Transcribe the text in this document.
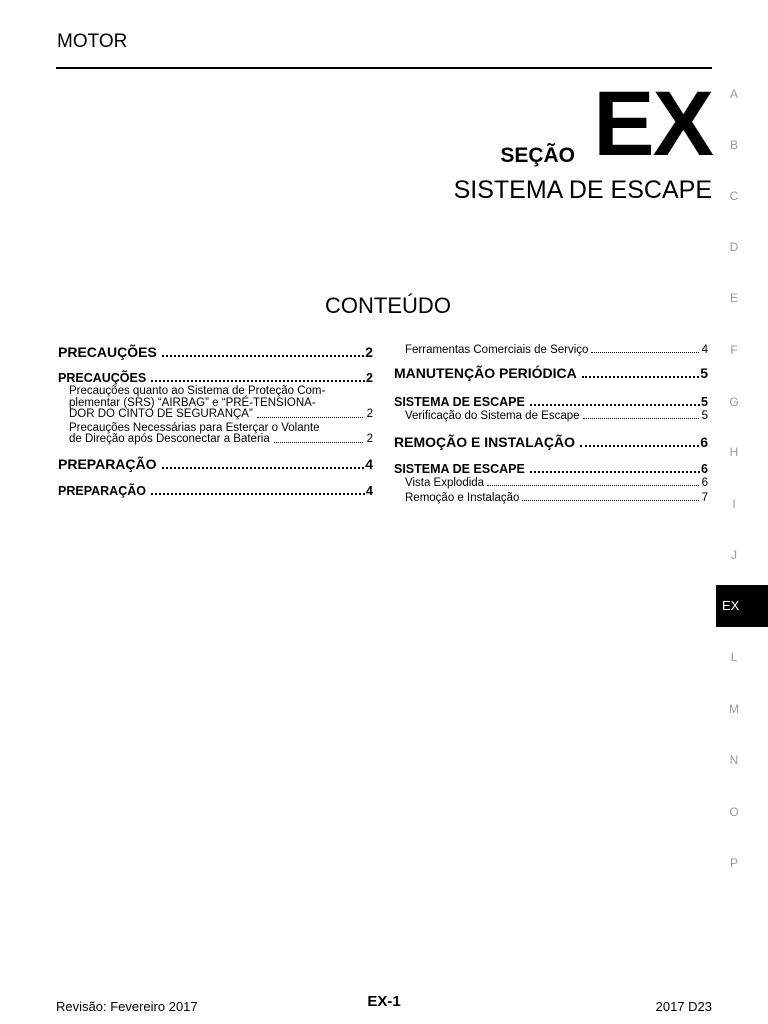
MOTOR
SEÇÃO EX
SISTEMA DE ESCAPE
CONTEÚDO
PRECAUÇÕES	2
PRECAUÇÕES	2
Precauções quanto ao Sistema de Proteção Com-
plementar (SRS) “AIRBAG” e “PRÉ-TENSIONA-
DOR DO CINTO DE SEGURANÇA”	2
Precauções Necessárias para Esterçar o Volante
de Direção após Desconectar a Bateria	2
PREPARAÇÃO	4
PREPARAÇÃO	4
Ferramentas Comerciais de Serviço	4
MANUTENÇÃO PERIÓDICA	5
SISTEMA DE ESCAPE	5
Verificação do Sistema de Escape	5
REMOÇÃO E INSTALAÇÃO	6
SISTEMA DE ESCAPE	6
Vista Explodida	6
Remoção e Instalação	7
A
B
C
D
E
F
G
H
I
J
EX
L
M
N
O
P
Revisão: Fevereiro 2017	EX-1	2017 D23
